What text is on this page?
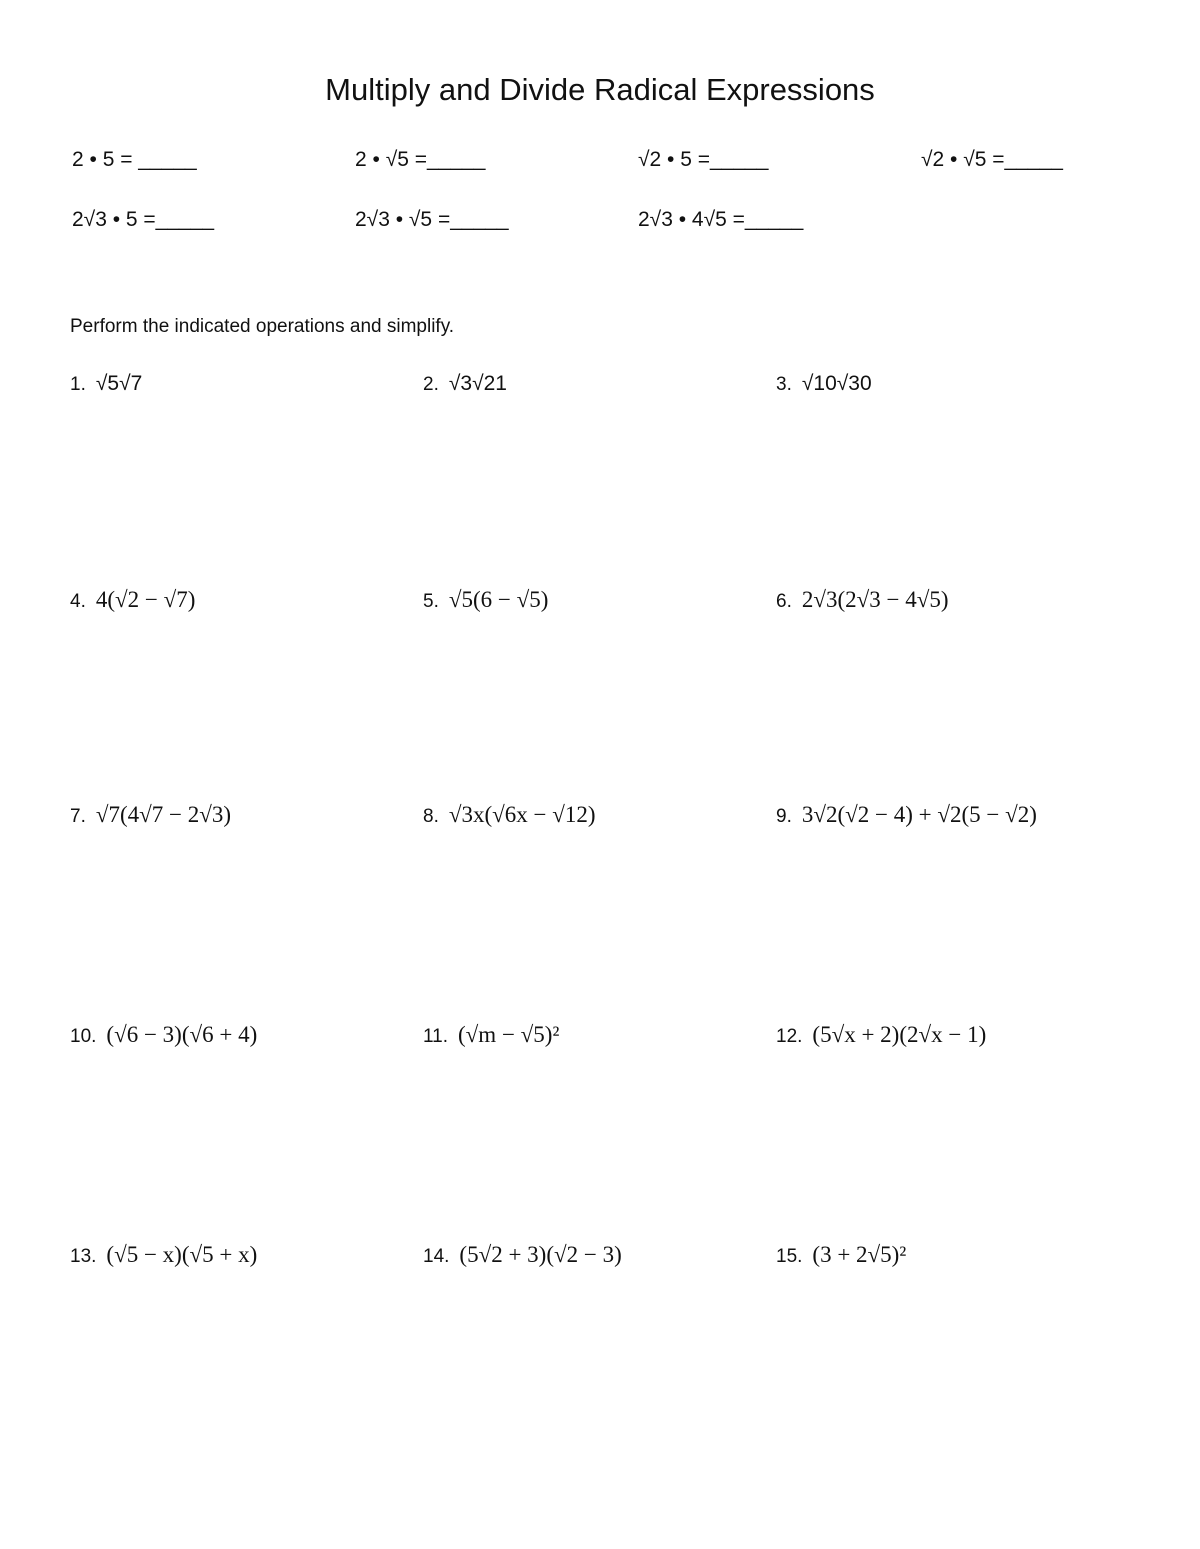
Multiply and Divide Radical Expressions
2 • 5 = _____	2 • √5 =_____	√2 • 5 =_____	√2 • √5 =_____
2√3 • 5 =_____	2√3 • √5 =_____	2√3 • 4√5 =_____
Perform the indicated operations and simplify.
1. √5√7	2. √3√21	3. √10√30
4. 4(√2 − √7)	5. √5(6 − √5)	6. 2√3(2√3 − 4√5)
7. √7(4√7 − 2√3)	8. √3x(√6x − √12)	9. 3√2(√2 − 4) + √2(5 − √2)
10. (√6 − 3)(√6 + 4)	11. (√m − √5)²	12. (5√x + 2)(2√x − 1)
13. (√5 − x)(√5 + x)	14. (5√2 + 3)(√2 − 3)	15. (3 + 2√5)²
